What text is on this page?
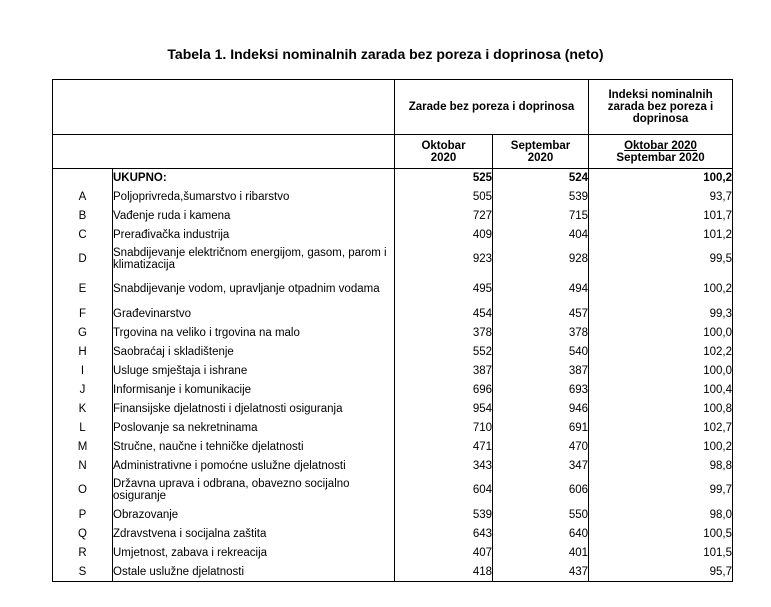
Tabela 1. Indeksi nominalnih zarada bez poreza i doprinosa (neto)
		Zarade bez poreza i doprinosa		Indeksi nominalnih zarada bez poreza i doprinosa
		Oktobar 2020	Septembar 2020	Oktobar 2020
Septembar 2020

	UKUPNO:	525	524	100,2
A	Poljoprivreda,šumarstvo i ribarstvo	505	539	93,7
B	Vađenje ruda i kamena	727	715	101,7
C	Prerađivačka industrija	409	404	101,2
D	Snabdijevanje električnom energijom, gasom, parom i klimatizacija	923	928	99,5
E	Snabdijevanje vodom, upravljanje otpadnim vodama	495	494	100,2
F	Građevinarstvo	454	457	99,3
G	Trgovina na veliko i trgovina na malo	378	378	100,0
H	Saobraćaj i skladištenje	552	540	102,2
I	Usluge smještaja i ishrane	387	387	100,0
J	Informisanje i komunikacije	696	693	100,4
K	Finansijske djelatnosti i djelatnosti osiguranja	954	946	100,8
L	Poslovanje sa nekretninama	710	691	102,7
M	Stručne, naučne i tehničke djelatnosti	471	470	100,2
N	Administrativne i pomoćne uslužne djelatnosti	343	347	98,8
O	Državna uprava i odbrana, obavezno socijalno osiguranje	604	606	99,7
P	Obrazovanje	539	550	98,0
Q	Zdravstvena i socijalna zaštita	643	640	100,5
R	Umjetnost, zabava i rekreacija	407	401	101,5
S	Ostale uslužne djelatnosti	418	437	95,7
